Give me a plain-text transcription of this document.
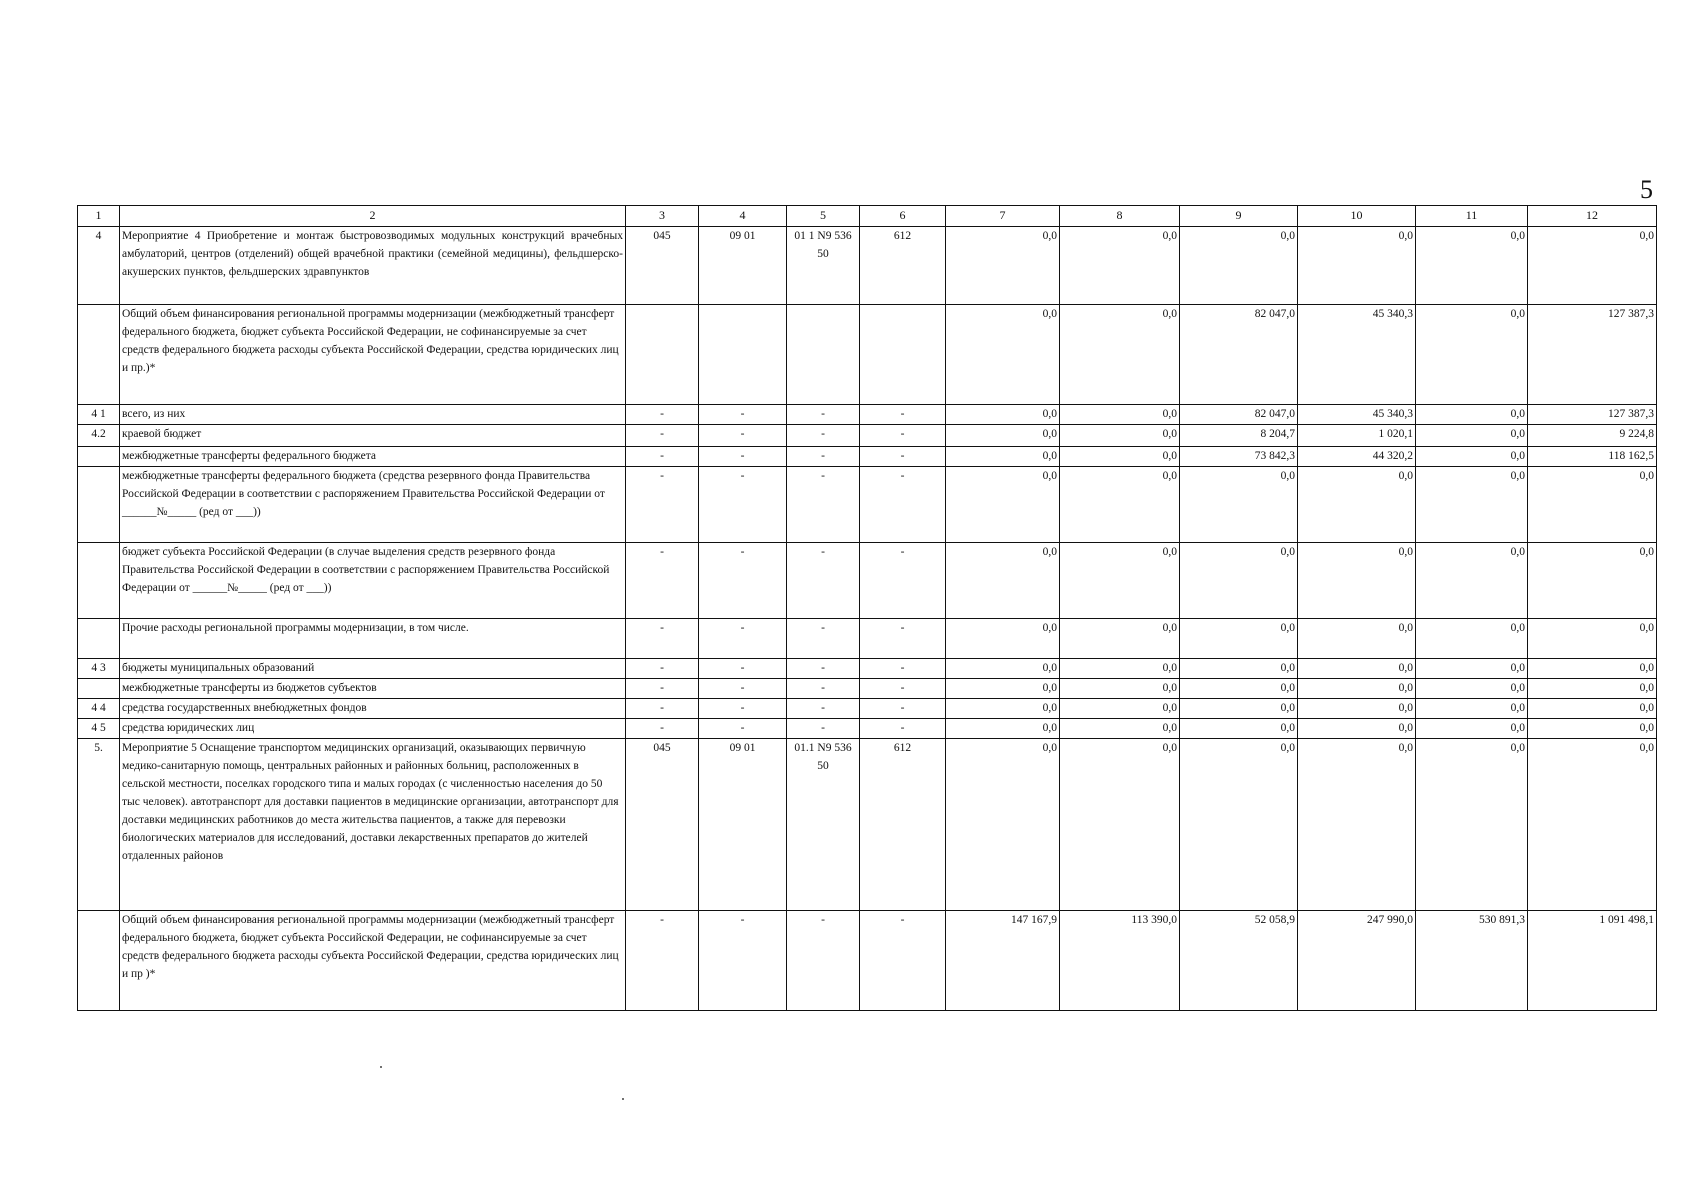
5
1	2	3	4	5	6	7	8	9	10	11	12
4	Мероприятие 4 Приобретение и монтаж быстровозводимых модульных конструкций врачебных амбулаторий, центров (отделений) общей врачебной практики (семейной медицины), фельдшерско-акушерских пунктов, фельдшерских здравпунктов	045	09 01	01 1 N9 536 50	612	0,0	0,0	0,0	0,0	0,0	0,0
	Общий объем финансирования региональной программы модернизации (межбюджетный трансферт федерального бюджета, бюджет субъекта Российской Федерации, не софинансируемые за счет средств федерального бюджета расходы субъекта Российской Федерации, средства юридических лиц и пр.)*					0,0	0,0	82 047,0	45 340,3	0,0	127 387,3
4 1	всего, из них	-	-	-	-	0,0	0,0	82 047,0	45 340,3	0,0	127 387,3
4.2	краевой бюджет	-	-	-	-	0,0	0,0	8 204,7	1 020,1	0,0	9 224,8
	межбюджетные трансферты федерального бюджета	-	-	-	-	0,0	0,0	73 842,3	44 320,2	0,0	118 162,5
	межбюджетные трансферты федерального бюджета (средства резервного фонда Правительства Российской Федерации в соответствии с распоряжением Правительства Российской Федерации от ______№_____ (ред от ___))	-	-	-	-	0,0	0,0	0,0	0,0	0,0	0,0
	бюджет субъекта Российской Федерации (в случае выделения средств резервного фонда Правительства Российской Федерации в соответствии с распоряжением Правительства Российской Федерации от ______№_____ (ред от ___))	-	-	-	-	0,0	0,0	0,0	0,0	0,0	0,0
	Прочие расходы региональной программы модернизации, в том числе.	-	-	-	-	0,0	0,0	0,0	0,0	0,0	0,0
4 3	бюджеты муниципальных образований	-	-	-	-	0,0	0,0	0,0	0,0	0,0	0,0
	межбюджетные трансферты из бюджетов субъектов	-	-	-	-	0,0	0,0	0,0	0,0	0,0	0,0
4 4	средства государственных внебюджетных фондов	-	-	-	-	0,0	0,0	0,0	0,0	0,0	0,0
4 5	средства юридических лиц	-	-	-	-	0,0	0,0	0,0	0,0	0,0	0,0
5.	Мероприятие 5 Оснащение транспортом медицинских организаций, оказывающих первичную медико-санитарную помощь, центральных районных и районных больниц, расположенных в сельской местности, поселках городского типа и малых городах (с численностью населения до 50 тыс человек). автотранспорт для доставки пациентов в медицинские организации, автотранспорт для доставки медицинских работников до места жительства пациентов, а также для перевозки биологических материалов для исследований, доставки лекарственных препаратов до жителей отдаленных районов	045	09 01	01.1 N9 536 50	612	0,0	0,0	0,0	0,0	0,0	0,0
	Общий объем финансирования региональной программы модернизации (межбюджетный трансферт федерального бюджета, бюджет субъекта Российской Федерации, не софинансируемые за счет средств федерального бюджета расходы субъекта Российской Федерации, средства юридических лиц и пр )*	-	-	-	-	147 167,9	113 390,0	52 058,9	247 990,0	530 891,3	1 091 498,1
